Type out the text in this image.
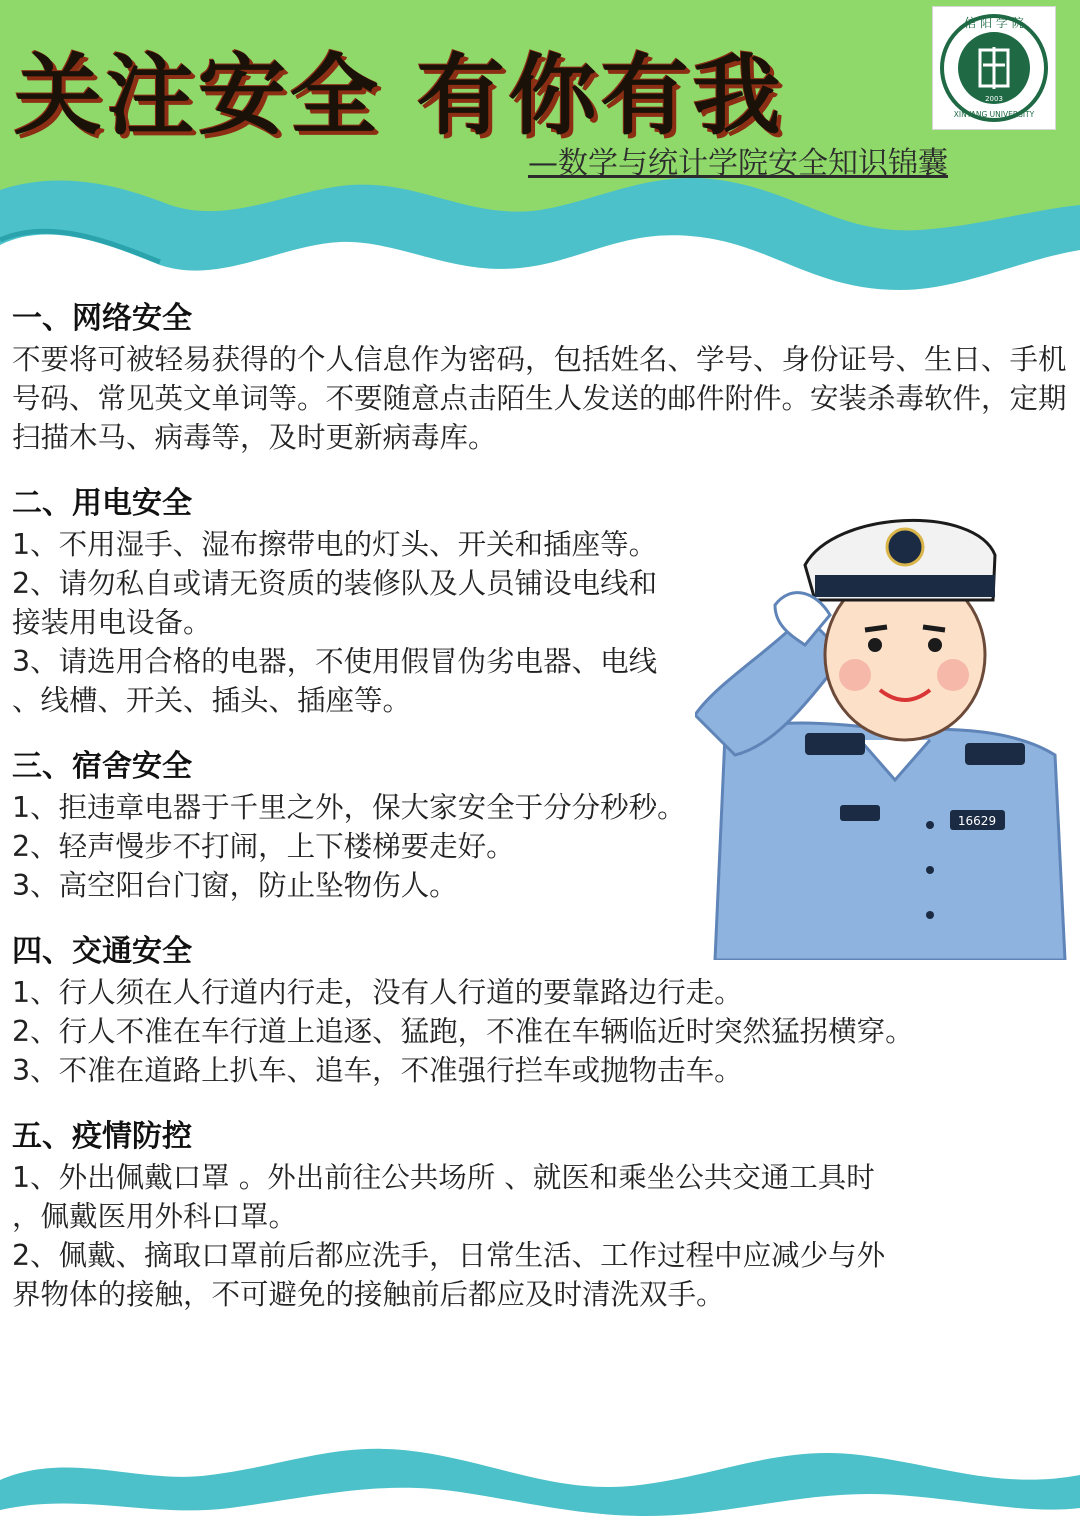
关注安全 有你有我
信 阳 学 院
2003
XINYANG UNIVERSITY
—数学与统计学院安全知识锦囊
16629
一、网络安全
不要将可被轻易获得的个人信息作为密码，包括姓名、学号、身份证号、生日、手机号码、常见英文单词等。不要随意点击陌生人发送的邮件附件。安装杀毒软件，定期扫描木马、病毒等，及时更新病毒库。
二、用电安全
1、不用湿手、湿布擦带电的灯头、开关和插座等。
2、请勿私自或请无资质的装修队及人员铺设电线和
接装用电设备。
3、请选用合格的电器，不使用假冒伪劣电器、电线
、线槽、开关、插头、插座等。
三、宿舍安全
1、拒违章电器于千里之外，保大家安全于分分秒秒。
2、轻声慢步不打闹，上下楼梯要走好。
3、高空阳台门窗，防止坠物伤人。
四、交通安全
1、行人须在人行道内行走，没有人行道的要靠路边行走。
2、行人不准在车行道上追逐、猛跑，不准在车辆临近时突然猛拐横穿。
3、不准在道路上扒车、追车，不准强行拦车或抛物击车。
五、疫情防控
1、外出佩戴口罩 。外出前往公共场所 、就医和乘坐公共交通工具时
，佩戴医用外科口罩。
2、佩戴、摘取口罩前后都应洗手，日常生活、工作过程中应减少与外
界物体的接触，不可避免的接触前后都应及时清洗双手。
